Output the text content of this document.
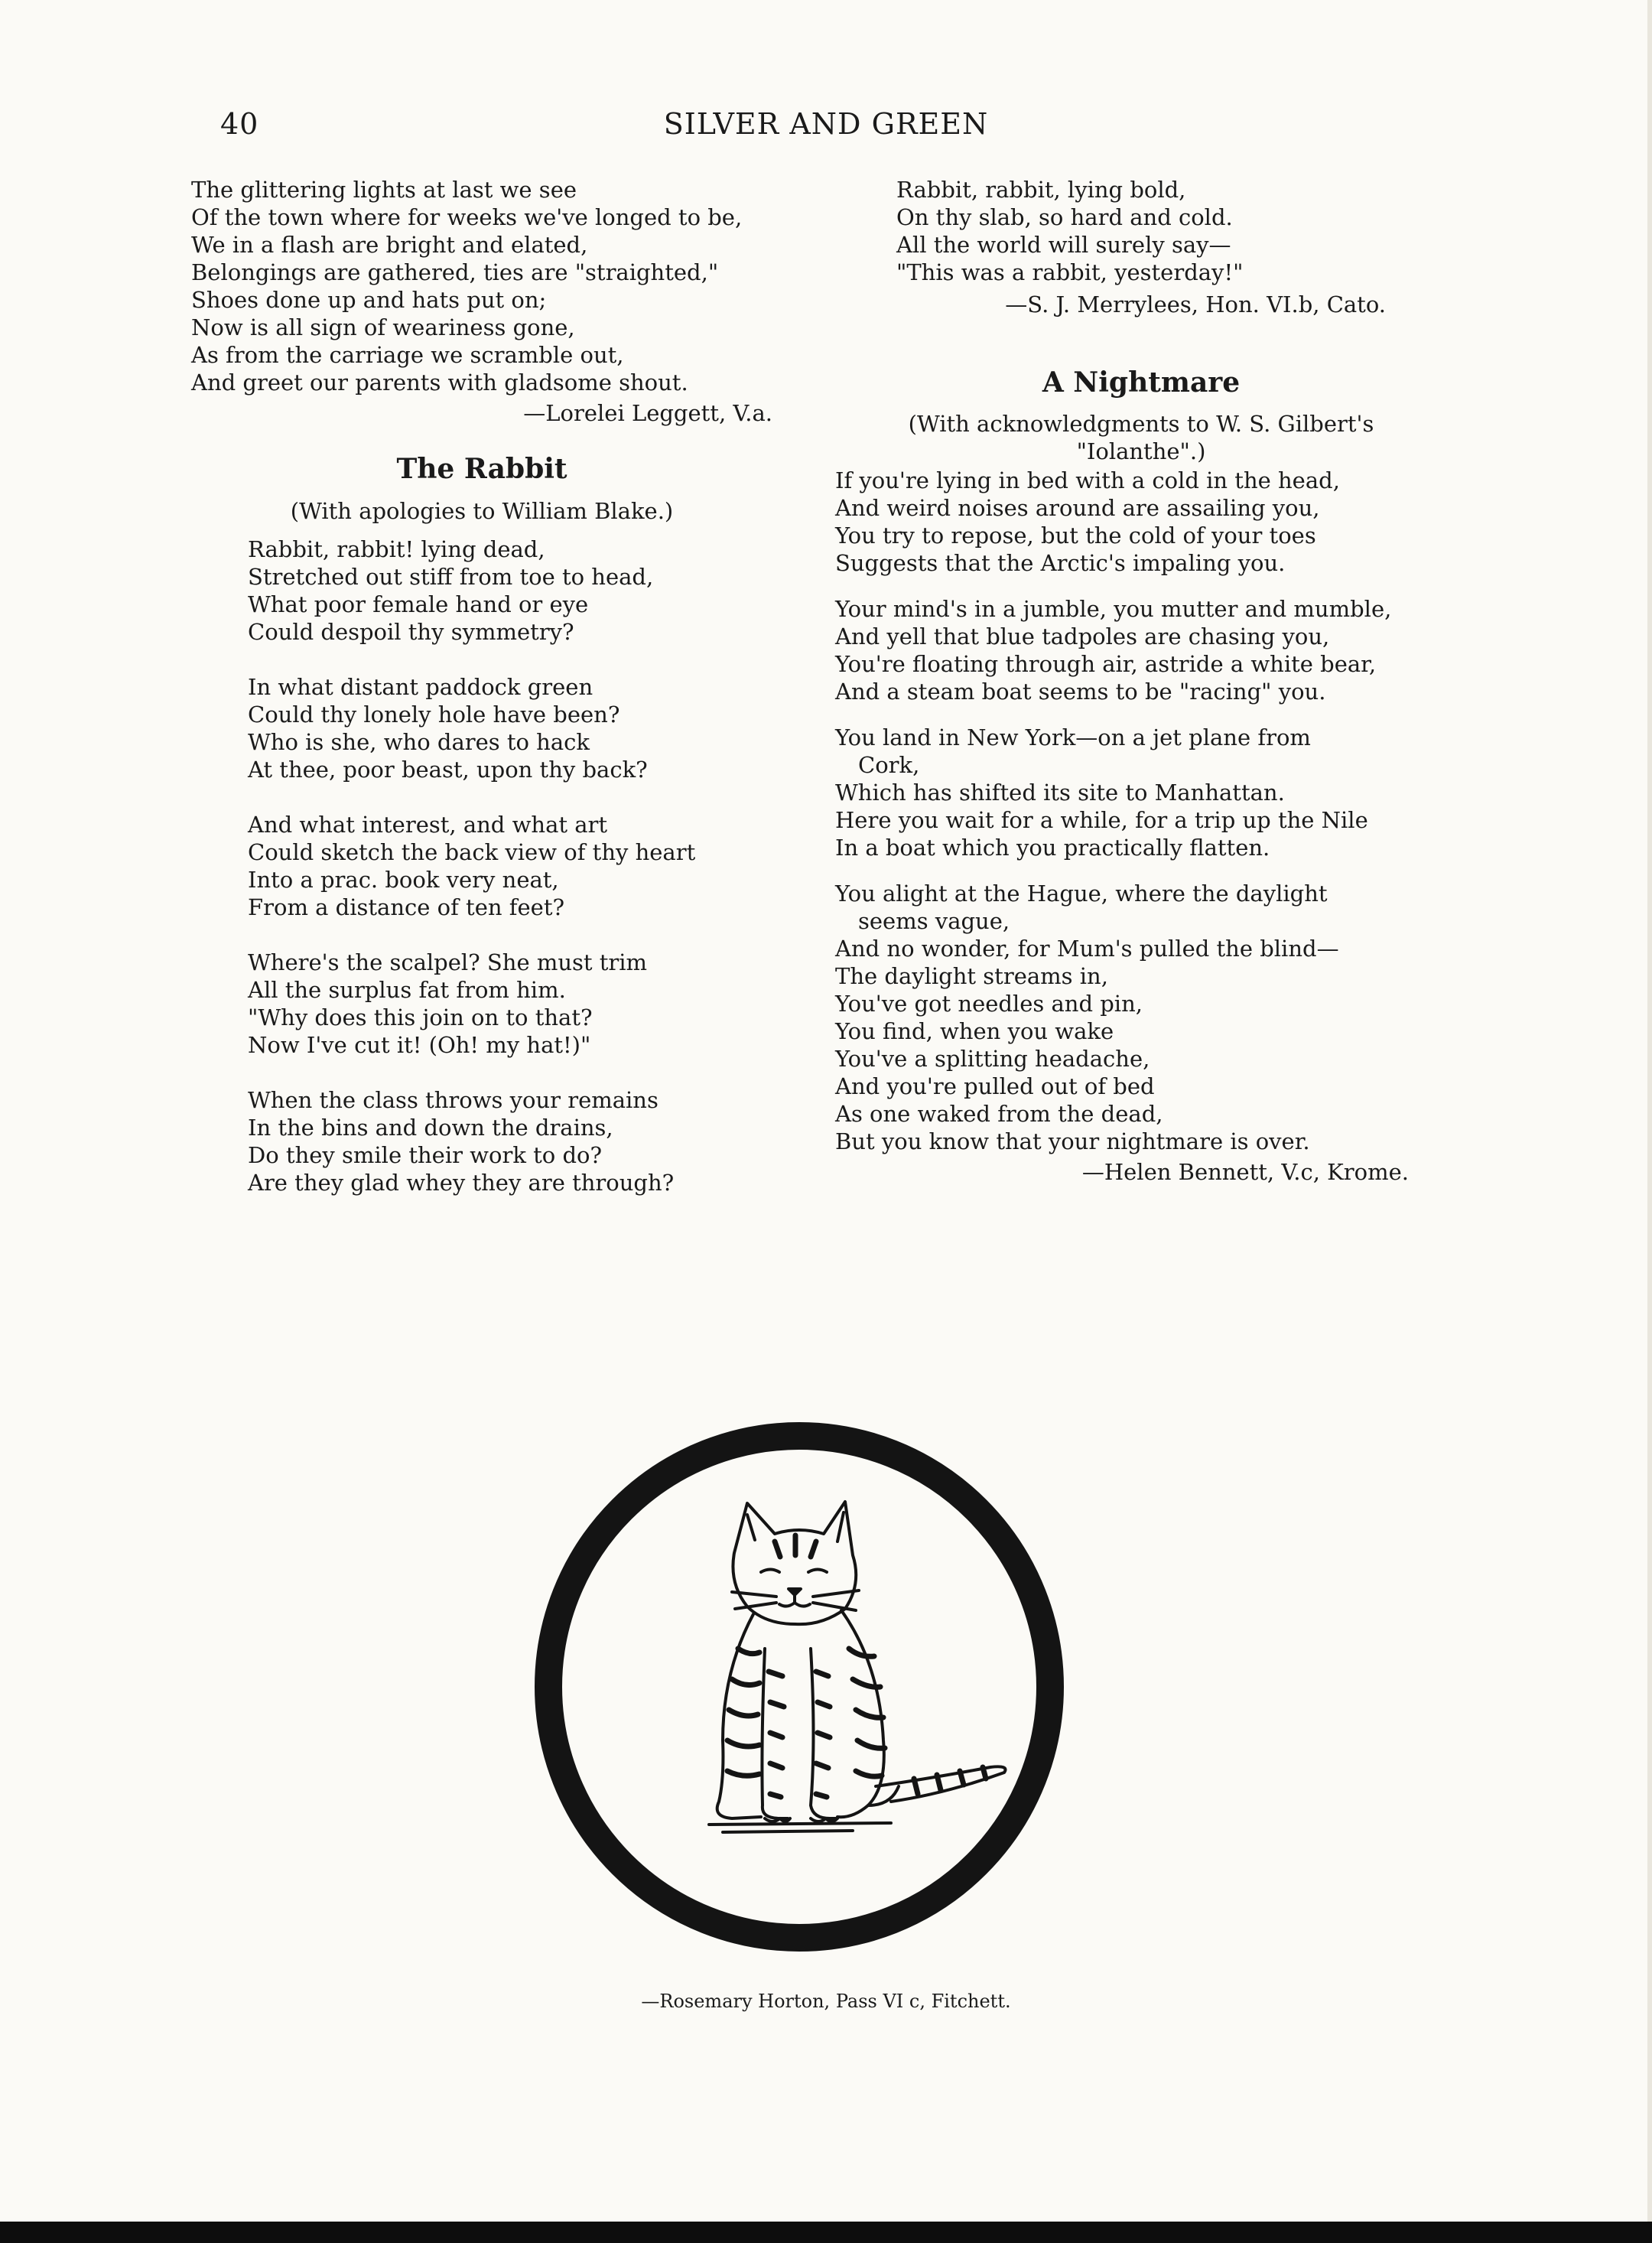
40	SILVER AND GREEN
The glittering lights at last we see
Of the town where for weeks we've longed to be,
We in a flash are bright and elated,
Belongings are gathered, ties are "straighted,"
Shoes done up and hats put on;
Now is all sign of weariness gone,
As from the carriage we scramble out,
And greet our parents with gladsome shout.
—Lorelei Leggett, V.a.
The Rabbit
(With apologies to William Blake.)
Rabbit, rabbit! lying dead,
Stretched out stiff from toe to head,
What poor female hand or eye
Could despoil thy symmetry?
In what distant paddock green
Could thy lonely hole have been?
Who is she, who dares to hack
At thee, poor beast, upon thy back?
And what interest, and what art
Could sketch the back view of thy heart
Into a prac. book very neat,
From a distance of ten feet?
Where's the scalpel? She must trim
All the surplus fat from him.
"Why does this join on to that?
Now I've cut it! (Oh! my hat!)"
When the class throws your remains
In the bins and down the drains,
Do they smile their work to do?
Are they glad whey they are through?
Rabbit, rabbit, lying bold,
On thy slab, so hard and cold.
All the world will surely say—
"This was a rabbit, yesterday!"
—S. J. Merrylees, Hon. VI.b, Cato.
A Nightmare
(With acknowledgments to W. S. Gilbert's
"Iolanthe".)
If you're lying in bed with a cold in the head,
And weird noises around are assailing you,
You try to repose, but the cold of your toes
Suggests that the Arctic's impaling you.
Your mind's in a jumble, you mutter and mumble,
And yell that blue tadpoles are chasing you,
You're floating through air, astride a white bear,
And a steam boat seems to be "racing" you.
You land in New York—on a jet plane from
Cork,
Which has shifted its site to Manhattan.
Here you wait for a while, for a trip up the Nile
In a boat which you practically flatten.
You alight at the Hague, where the daylight
seems vague,
And no wonder, for Mum's pulled the blind—
The daylight streams in,
You've got needles and pin,
You find, when you wake
You've a splitting headache,
And you're pulled out of bed
As one waked from the dead,
But you know that your nightmare is over.
—Helen Bennett, V.c, Krome.
—Rosemary Horton, Pass VI c, Fitchett.
